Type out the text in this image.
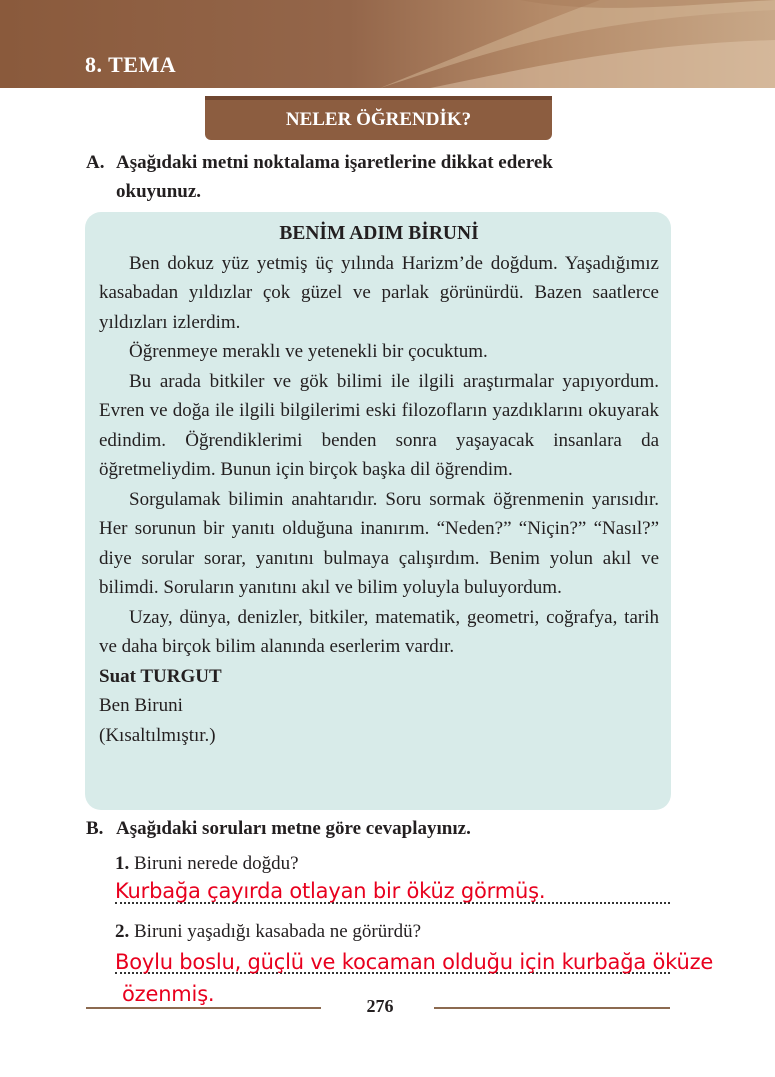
8. TEMA
NELER ÖĞRENDİK?
A. Aşağıdaki metni noktalama işaretlerine dikkat ederek
okuyunuz.
BENİM ADIM BİRUNİ

Ben dokuz yüz yetmiş üç yılında Harizm’de doğdum. Yaşadığımız kasabadan yıldızlar çok güzel ve parlak görünürdü. Bazen saatlerce yıldızları izlerdim.

Öğrenmeye meraklı ve yetenekli bir çocuktum.

Bu arada bitkiler ve gök bilimi ile ilgili araştırmalar yapıyordum. Evren ve doğa ile ilgili bilgilerimi eski filozofların yazdıklarını okuyarak edindim. Öğrendiklerimi benden sonra yaşayacak insanlara da öğretmeliydim. Bunun için birçok başka dil öğrendim.

Sorgulamak bilimin anahtarıdır. Soru sormak öğrenmenin yarısıdır. Her sorunun bir yanıtı olduğuna inanırım. “Neden?” “Niçin?” “Nasıl?” diye sorular sorar, yanıtını bulmaya çalışırdım. Benim yolun akıl ve bilimdi. Soruların yanıtını akıl ve bilim yoluyla buluyordum.

Uzay, dünya, denizler, bitkiler, matematik, geometri, coğrafya, tarih ve daha birçok bilim alanında eserlerim vardır.

Suat TURGUT

Ben Biruni

(Kısaltılmıştır.)

B. Aşağıdaki soruları metne göre cevaplayınız.
1. Biruni nerede doğdu?
Kurbağa çayırda otlayan bir öküz görmüş.
2. Biruni yaşadığı kasabada ne görürdü?
Boylu boslu, güçlü ve kocaman olduğu için kurbağa öküze
özenmiş.	276
